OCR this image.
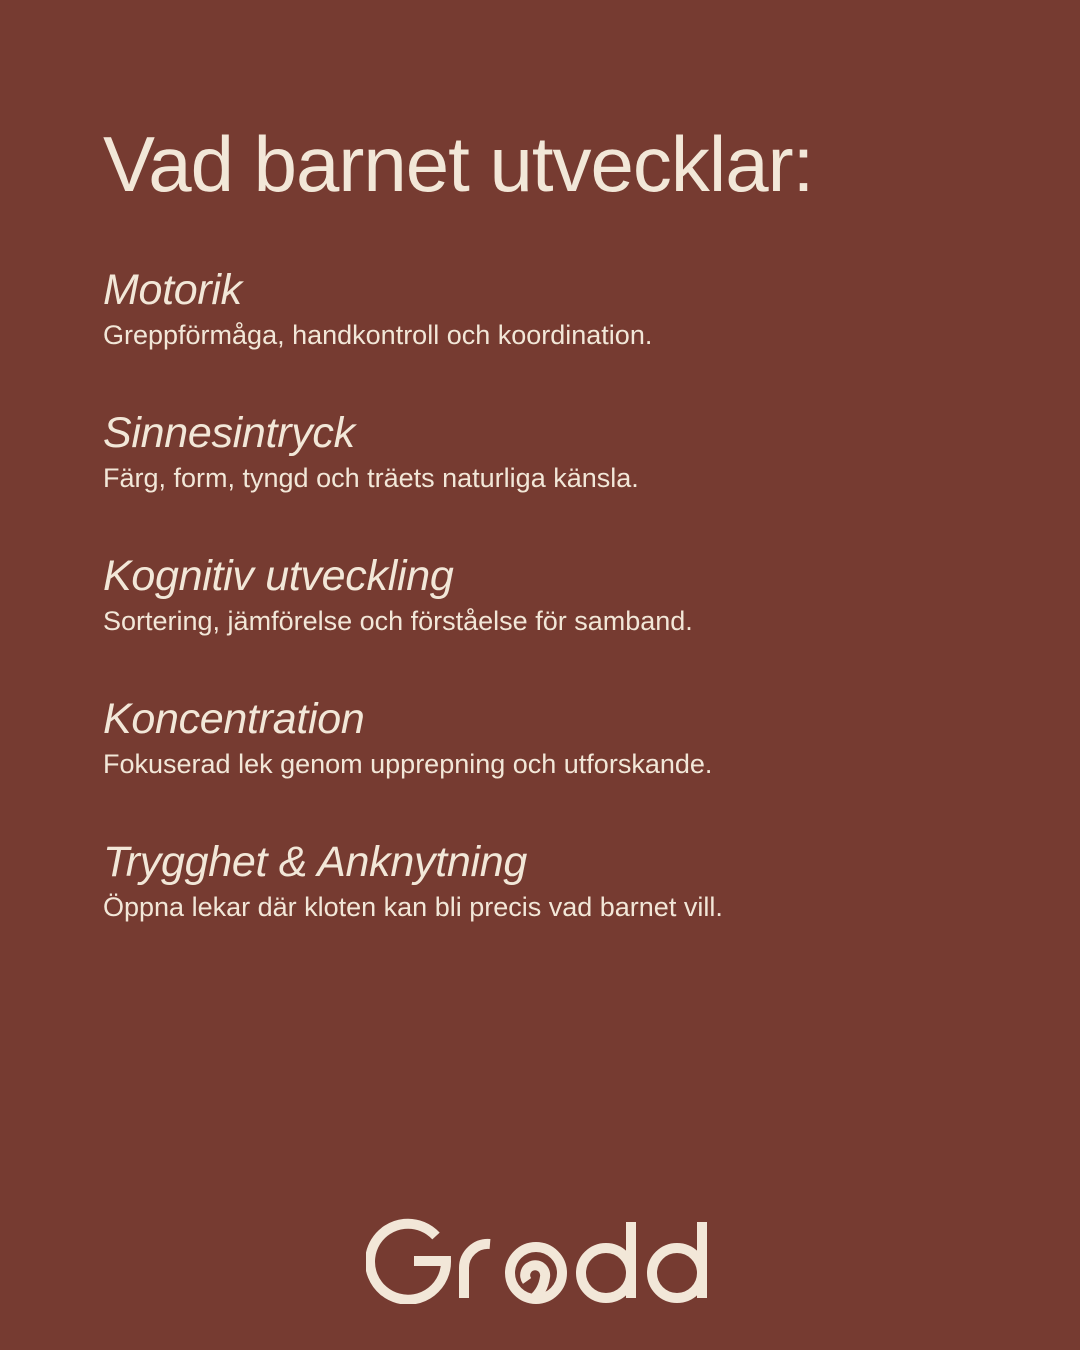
Vad barnet utvecklar:
Motorik
Greppförmåga, handkontroll och koordination.
Sinnesintryck
Färg, form, tyngd och träets naturliga känsla.
Kognitiv utveckling
Sortering, jämförelse och förståelse för samband.
Koncentration
Fokuserad lek genom upprepning och utforskande.
Trygghet & Anknytning
Öppna lekar där kloten kan bli precis vad barnet vill.
